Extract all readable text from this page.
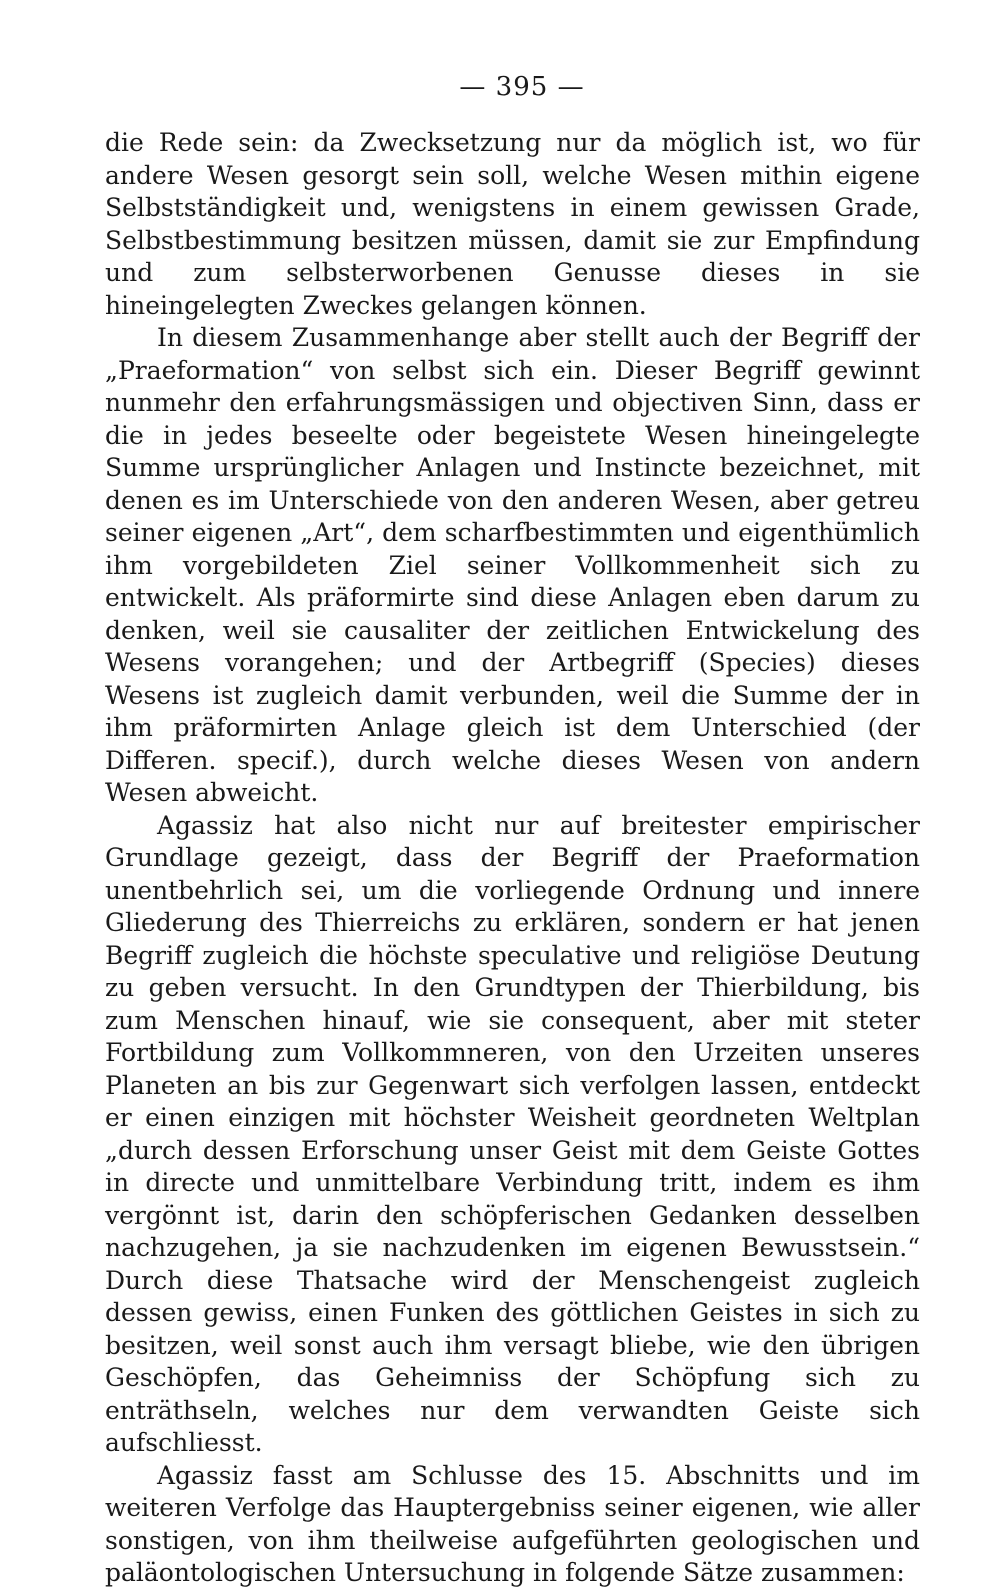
— 395 —

die Rede sein: da Zwecksetzung nur da möglich ist, wo für andere Wesen gesorgt sein soll, welche Wesen mithin eigene Selbstständigkeit und, wenigstens in einem gewissen Grade, Selbstbestimmung besitzen müssen, damit sie zur Empfindung und zum selbsterworbenen Genusse dieses in sie hineingelegten Zweckes gelangen können.

In diesem Zusammenhange aber stellt auch der Begriff der „Praeformation“ von selbst sich ein. Dieser Begriff gewinnt nunmehr den erfahrungsmässigen und objectiven Sinn, dass er die in jedes beseelte oder begeistete Wesen hineingelegte Summe ursprünglicher Anlagen und Instincte bezeichnet, mit denen es im Unterschiede von den anderen Wesen, aber getreu seiner eigenen „Art“, dem scharfbestimmten und eigenthümlich ihm vorgebildeten Ziel seiner Vollkommenheit sich zu entwickelt. Als präformirte sind diese Anlagen eben darum zu denken, weil sie causaliter der zeitlichen Entwickelung des Wesens vorangehen; und der Artbegriff (Species) dieses Wesens ist zugleich damit verbunden, weil die Summe der in ihm präformirten Anlage gleich ist dem Unterschied (der Differen. specif.), durch welche dieses Wesen von andern Wesen abweicht.

Agassiz hat also nicht nur auf breitester empirischer Grundlage gezeigt, dass der Begriff der Praeformation unentbehrlich sei, um die vorliegende Ordnung und innere Gliederung des Thierreichs zu erklären, sondern er hat jenen Begriff zugleich die höchste speculative und religiöse Deutung zu geben versucht. In den Grundtypen der Thierbildung, bis zum Menschen hinauf, wie sie consequent, aber mit steter Fortbildung zum Vollkommneren, von den Urzeiten unseres Planeten an bis zur Gegenwart sich verfolgen lassen, entdeckt er einen einzigen mit höchster Weisheit geordneten Weltplan „durch dessen Erforschung unser Geist mit dem Geiste Gottes in directe und unmittelbare Verbindung tritt, indem es ihm vergönnt ist, darin den schöpferischen Gedanken desselben nachzugehen, ja sie nachzudenken im eigenen Bewusstsein.“ Durch diese Thatsache wird der Menschengeist zugleich dessen gewiss, einen Funken des göttlichen Geistes in sich zu besitzen, weil sonst auch ihm versagt bliebe, wie den übrigen Geschöpfen, das Geheimniss der Schöpfung sich zu enträthseln, welches nur dem verwandten Geiste sich aufschliesst.

Agassiz fasst am Schlusse des 15. Abschnitts und im weiteren Verfolge das Hauptergebniss seiner eigenen, wie aller sonstigen, von ihm theilweise aufgeführten geologischen und paläontologischen Untersuchung in folgende Sätze zusammen:
